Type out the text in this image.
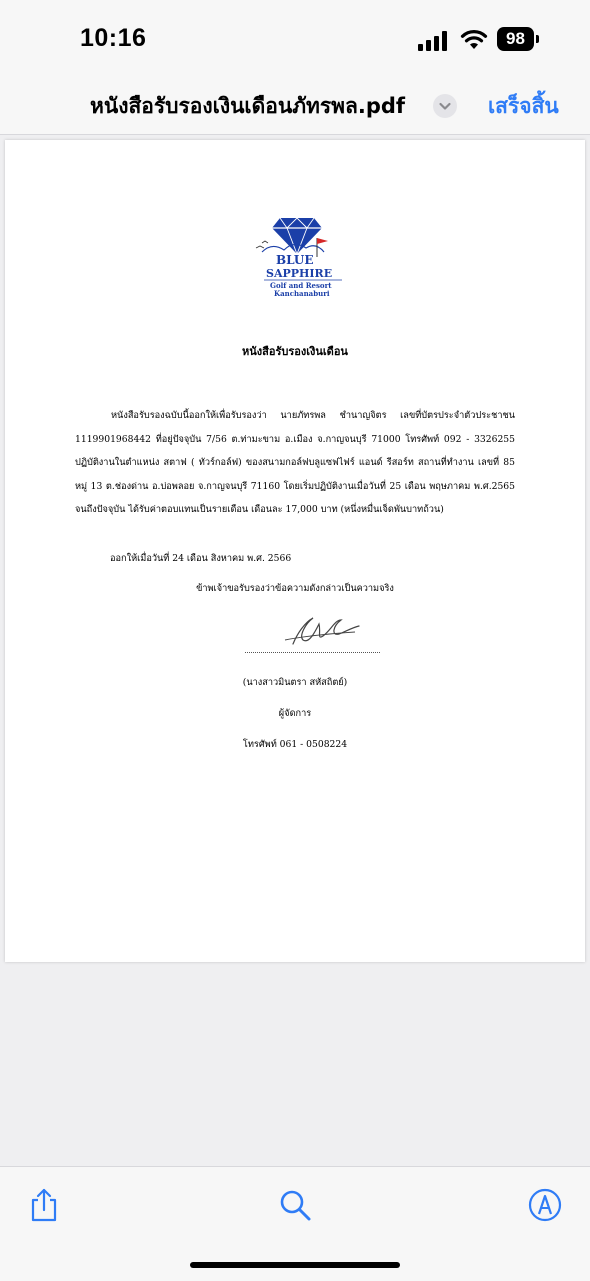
10:16	98
หนังสือรับรองเงินเดือนภัทรพล.pdf	เสร็จสิ้น
BLUE
SAPPHIRE
Golf and Resort
Kanchanaburi
หนังสือรับรองเงินเดือน
หนังสือรับรองฉบับนี้ออกให้เพื่อรับรองว่า นายภัทรพล ชำนาญจิตร เลขที่บัตรประจำตัวประชาชน 1119901968442 ที่อยู่ปัจจุบัน 7/56 ต.ท่ามะขาม อ.เมือง จ.กาญจนบุรี 71000 โทรศัพท์ 092 - 3326255 ปฏิบัติงานในตำแหน่ง สตาฟ ( ทัวร์กอล์ฟ) ของสนามกอล์ฟบลูแซฟไฟร์ แอนด์ รีสอร์ท สถานที่ทำงาน เลขที่ 85 หมู่ 13 ต.ช่องด่าน อ.บ่อพลอย จ.กาญจนบุรี 71160 โดยเริ่มปฏิบัติงานเมื่อวันที่ 25 เดือน พฤษภาคม พ.ศ.2565 จนถึงปัจจุบัน ได้รับค่าตอบแทนเป็นรายเดือน เดือนละ 17,000 บาท (หนึ่งหมื่นเจ็ดพันบาทถ้วน)
ออกให้เมื่อวันที่ 24 เดือน สิงหาคม พ.ศ. 2566
ข้าพเจ้าขอรับรองว่าข้อความดังกล่าวเป็นความจริง
(นางสาวมินตรา สหัสถิตย์)
ผู้จัดการ
โทรศัพท์ 061 - 0508224
